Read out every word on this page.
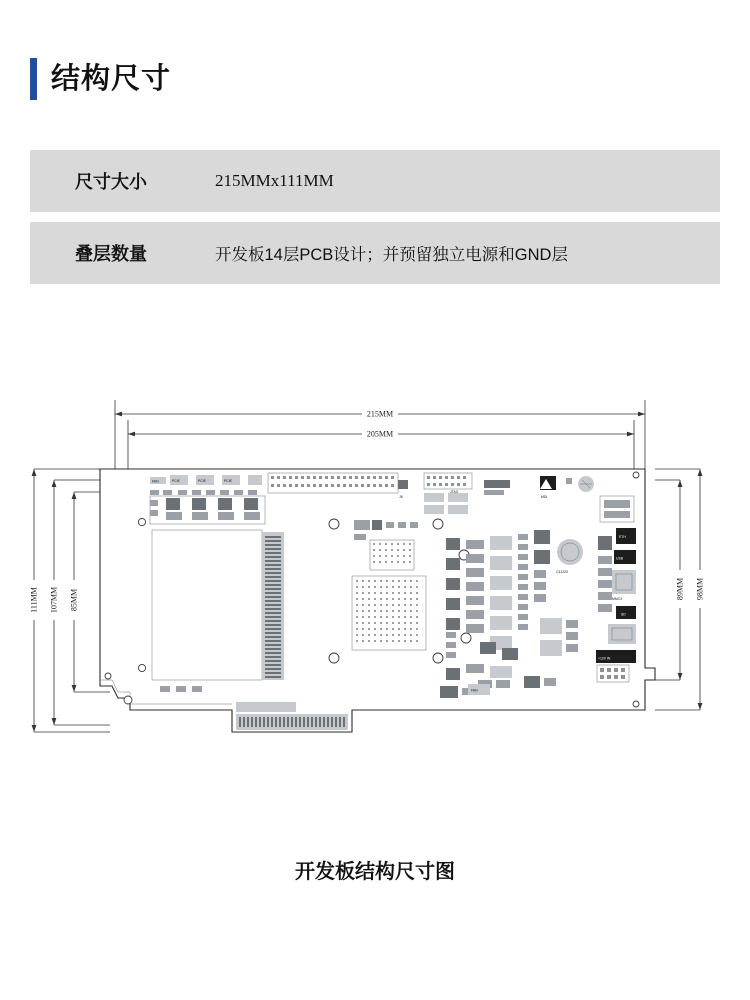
结构尺寸
尺寸大小	215MMx111MM
叠层数量	开发板14层PCB设计；并预留独立电源和GND层
215MM
205MM
111MM 107MM 85MM	98MM
89MM
FAN	PCIE	PCIE	PCIE
J6
JTAG
MDI
C41220
ETH
USB
MMCX
SD
+12V IN
FAN
开发板结构尺寸图
